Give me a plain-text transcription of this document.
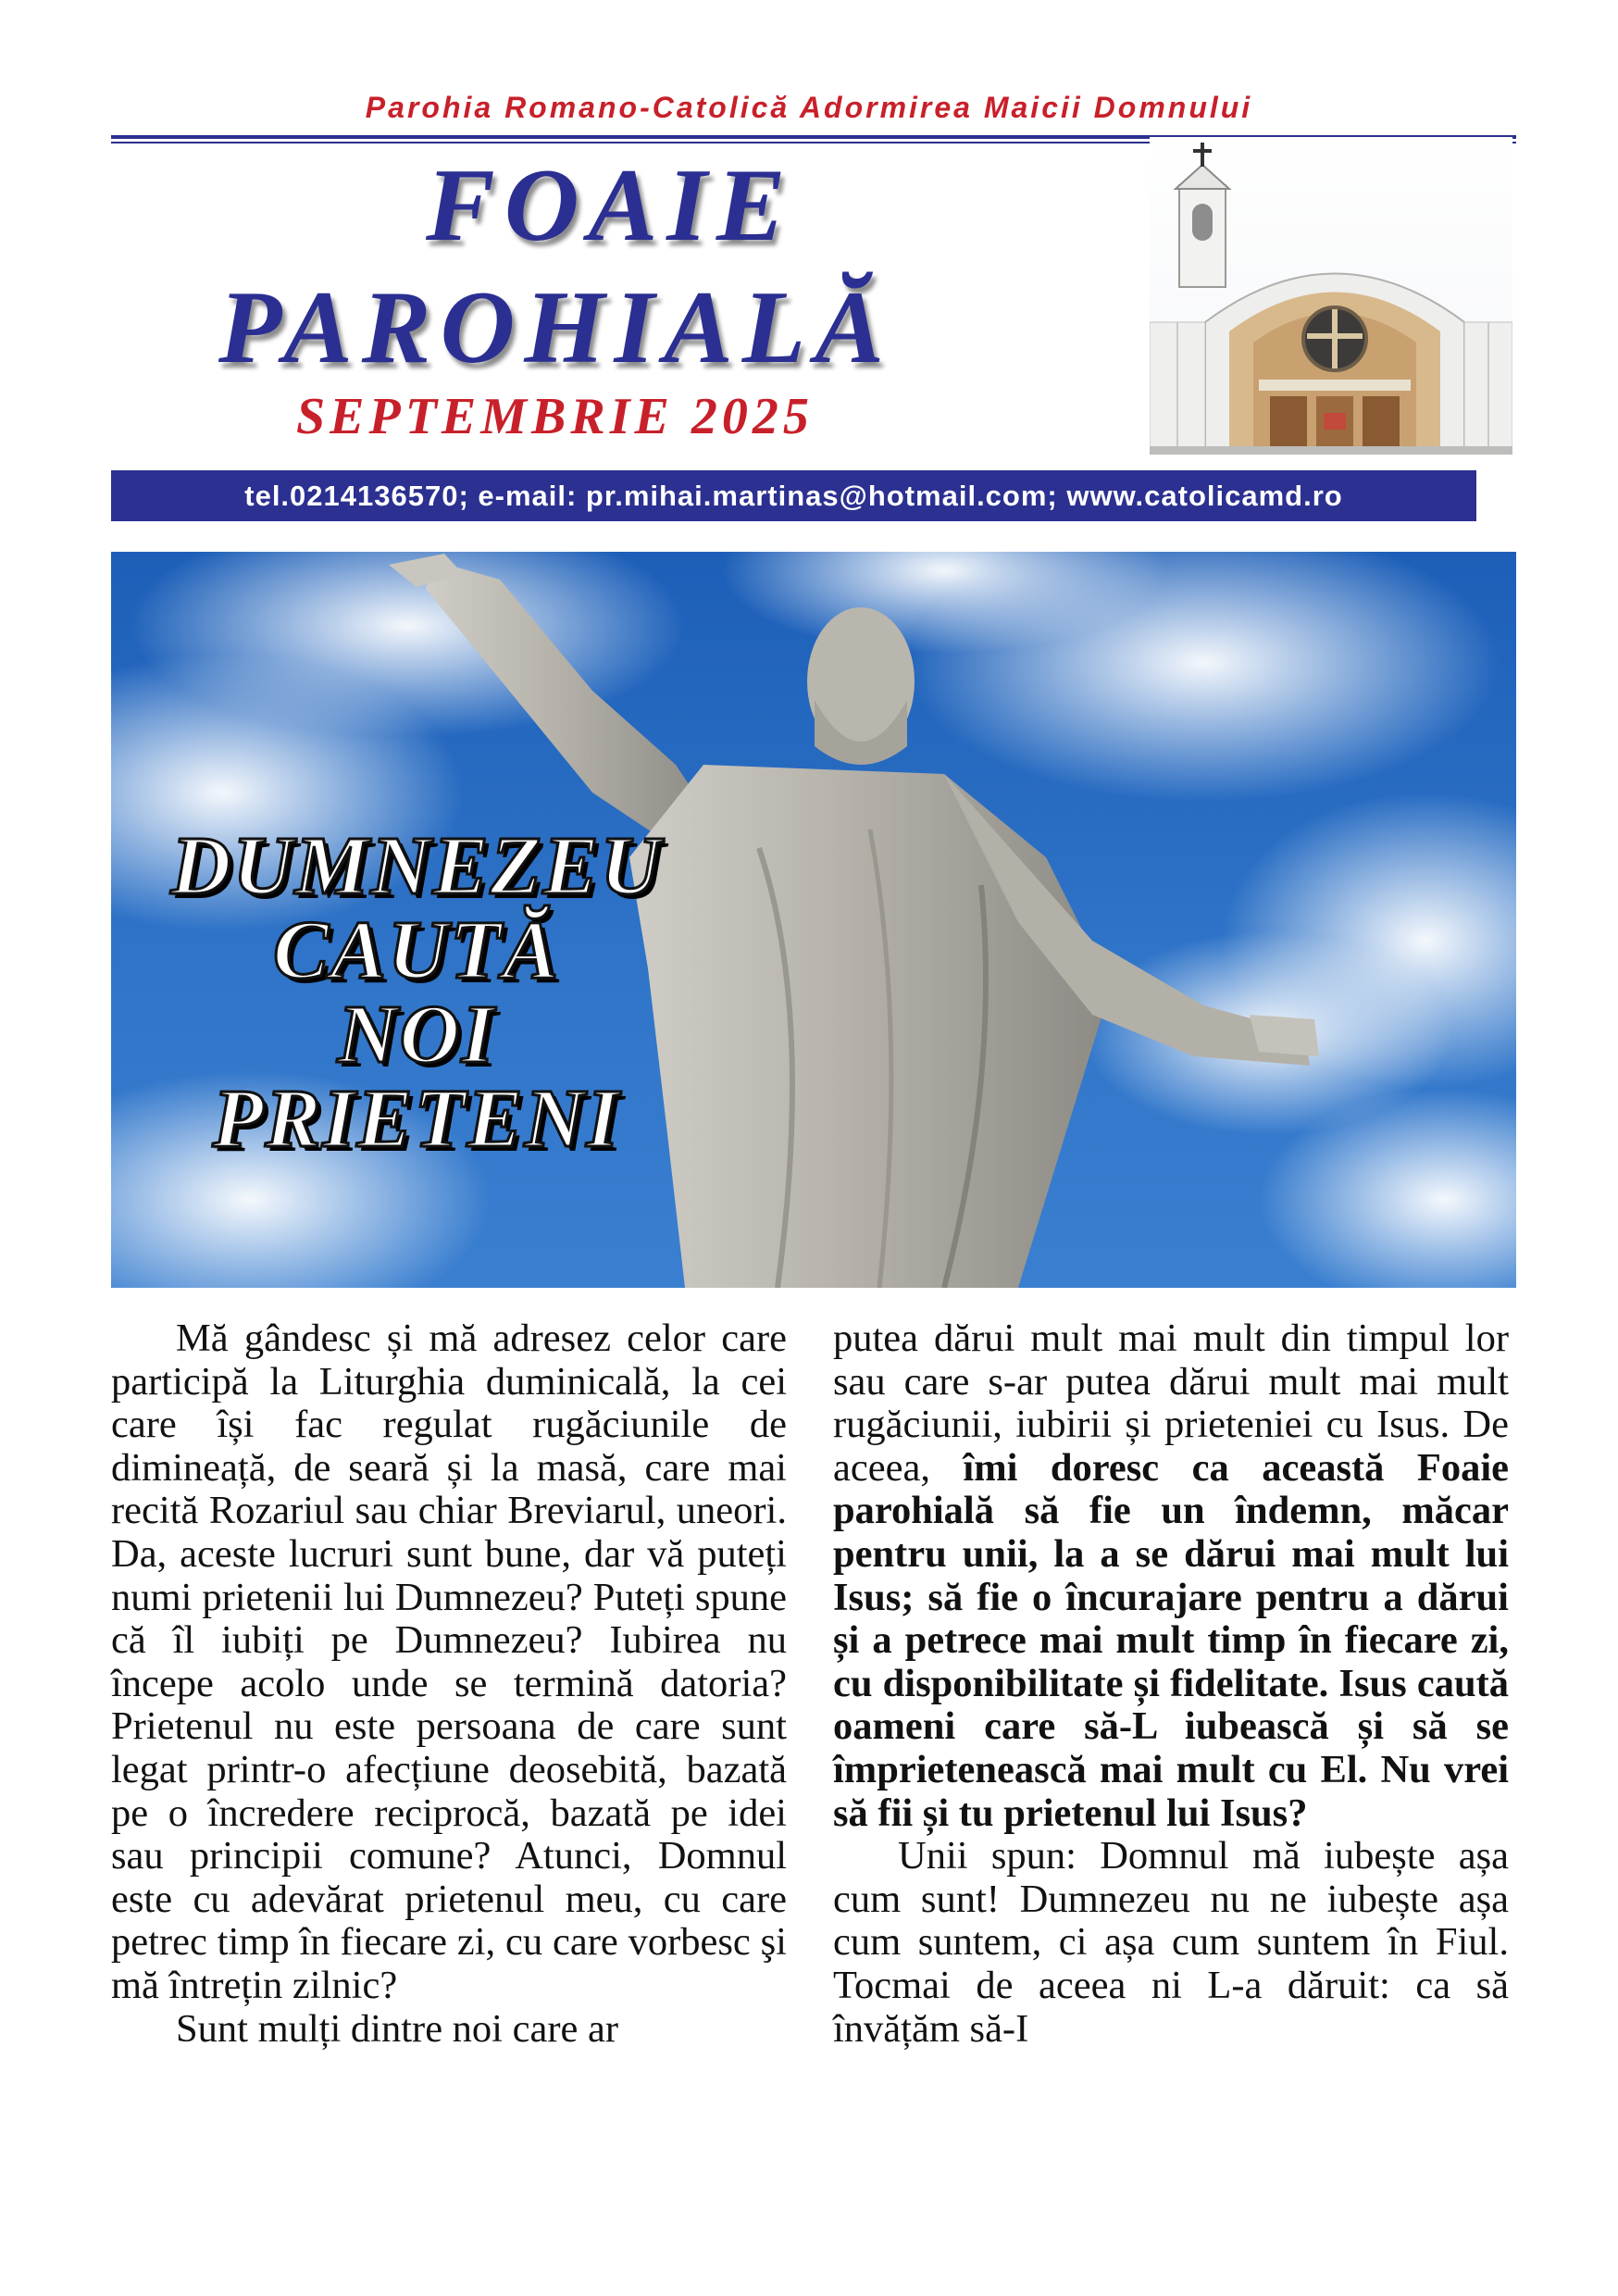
Parohia Romano-Catolică Adormirea Maicii Domnului
FOAIE
PAROHIALĂ
SEPTEMBRIE 2025
tel.0214136570; e-mail: pr.mihai.martinas@hotmail.com; www.catolicamd.ro
DUMNEZEU
CAUTĂ
NOI
PRIETENI

Mă gândesc și mă adresez celor care participă la Liturghia duminicală, la cei care își fac regulat rugăciunile de dimineață, de seară și la masă, care mai recită Rozariul sau chiar Breviarul, uneori. Da, aceste lucruri sunt bune, dar vă puteți numi prietenii lui Dumnezeu? Puteți spune că îl iubiți pe Dumnezeu? Iubirea nu începe acolo unde se termină datoria? Prietenul nu este persoana de care sunt legat printr-o afecțiune deosebită, bazată pe o încredere reciprocă, bazată pe idei sau principii comune? Atunci, Domnul este cu adevărat prietenul meu, cu care petrec timp în fiecare zi, cu care vorbesc şi mă întrețin zilnic?

Sunt mulți dintre noi care ar

putea dărui mult mai mult din timpul lor sau care s-ar putea dărui mult mai mult rugăciunii, iubirii și prieteniei cu Isus. De aceea, îmi doresc ca această Foaie parohială să fie un îndemn, măcar pentru unii, la a se dărui mai mult lui Isus; să fie o încurajare pentru a dărui și a petrece mai mult timp în fiecare zi, cu disponibilitate și fidelitate. Isus caută oameni care să-L iubească și să se împrietenească mai mult cu El. Nu vrei să fii și tu prietenul lui Isus?

Unii spun: Domnul mă iubește așa cum sunt! Dumnezeu nu ne iubește așa cum suntem, ci așa cum suntem în Fiul. Tocmai de aceea ni L-a dăruit: ca să învățăm să-I
